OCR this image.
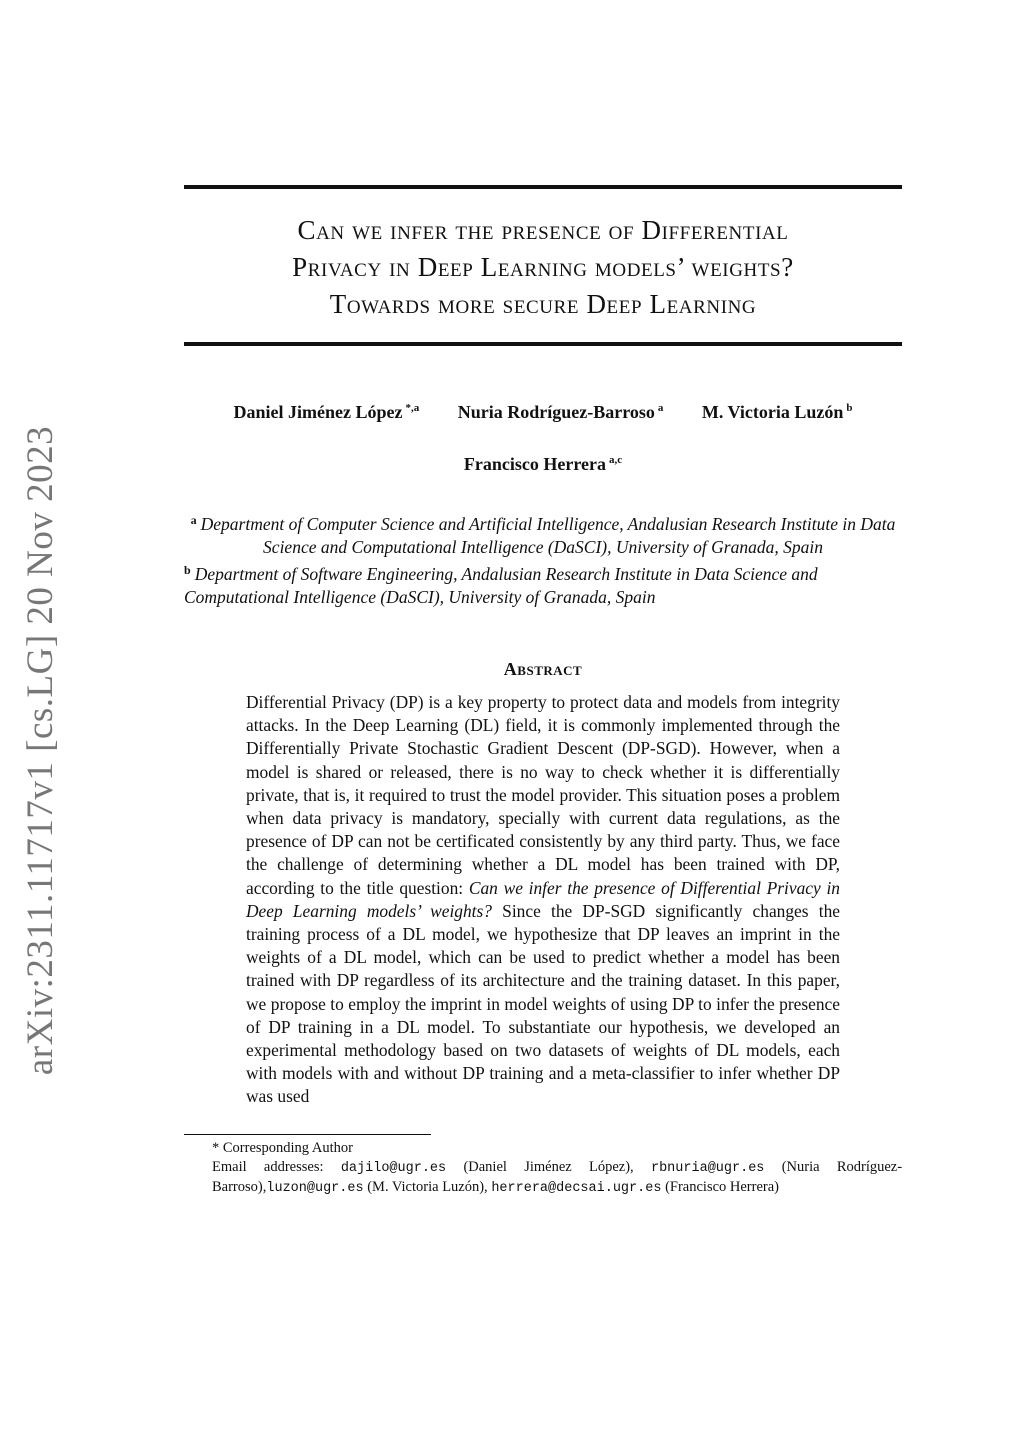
arXiv:2311.11717v1 [cs.LG] 20 Nov 2023
Can we infer the presence of Differential
Privacy in Deep Learning models’ weights?
Towards more secure Deep Learning
Daniel Jiménez López $^{*,a}$ Nuria Rodríguez-Barroso $^a$ M. Victoria Luzón $^b$
Francisco Herrera $^{a,c}$

$^a$ Department of Computer Science and Artificial Intelligence, Andalusian Research Institute in Data Science and Computational Intelligence (DaSCI), University of Granada, Spain

$^b$ Department of Software Engineering, Andalusian Research Institute in Data Science and Computational Intelligence (DaSCI), University of Granada, Spain

Abstract

Differential Privacy (DP) is a key property to protect data and models from integrity attacks. In the Deep Learning (DL) field, it is commonly implemented through the Differentially Private Stochastic Gradient Descent (DP-SGD). However, when a model is shared or released, there is no way to check whether it is differentially private, that is, it required to trust the model provider. This situation poses a problem when data privacy is mandatory, specially with current data regulations, as the presence of DP can not be certificated consistently by any third party. Thus, we face the challenge of determining whether a DL model has been trained with DP, according to the title question: Can we infer the presence of Differential Privacy in Deep Learning models’ weights? Since the DP-SGD significantly changes the training process of a DL model, we hypothesize that DP leaves an imprint in the weights of a DL model, which can be used to predict whether a model has been trained with DP regardless of its architecture and the training dataset. In this paper, we propose to employ the imprint in model weights of using DP to infer the presence of DP training in a DL model. To substantiate our hypothesis, we developed an experimental methodology based on two datasets of weights of DL models, each with models with and without DP training and a meta-classifier to infer whether DP was used

* Corresponding Author

Email addresses: dajilo@ugr.es (Daniel Jiménez López), rbnuria@ugr.es (Nuria Rodríguez-Barroso),luzon@ugr.es (M. Victoria Luzón), herrera@decsai.ugr.es (Francisco Herrera)
